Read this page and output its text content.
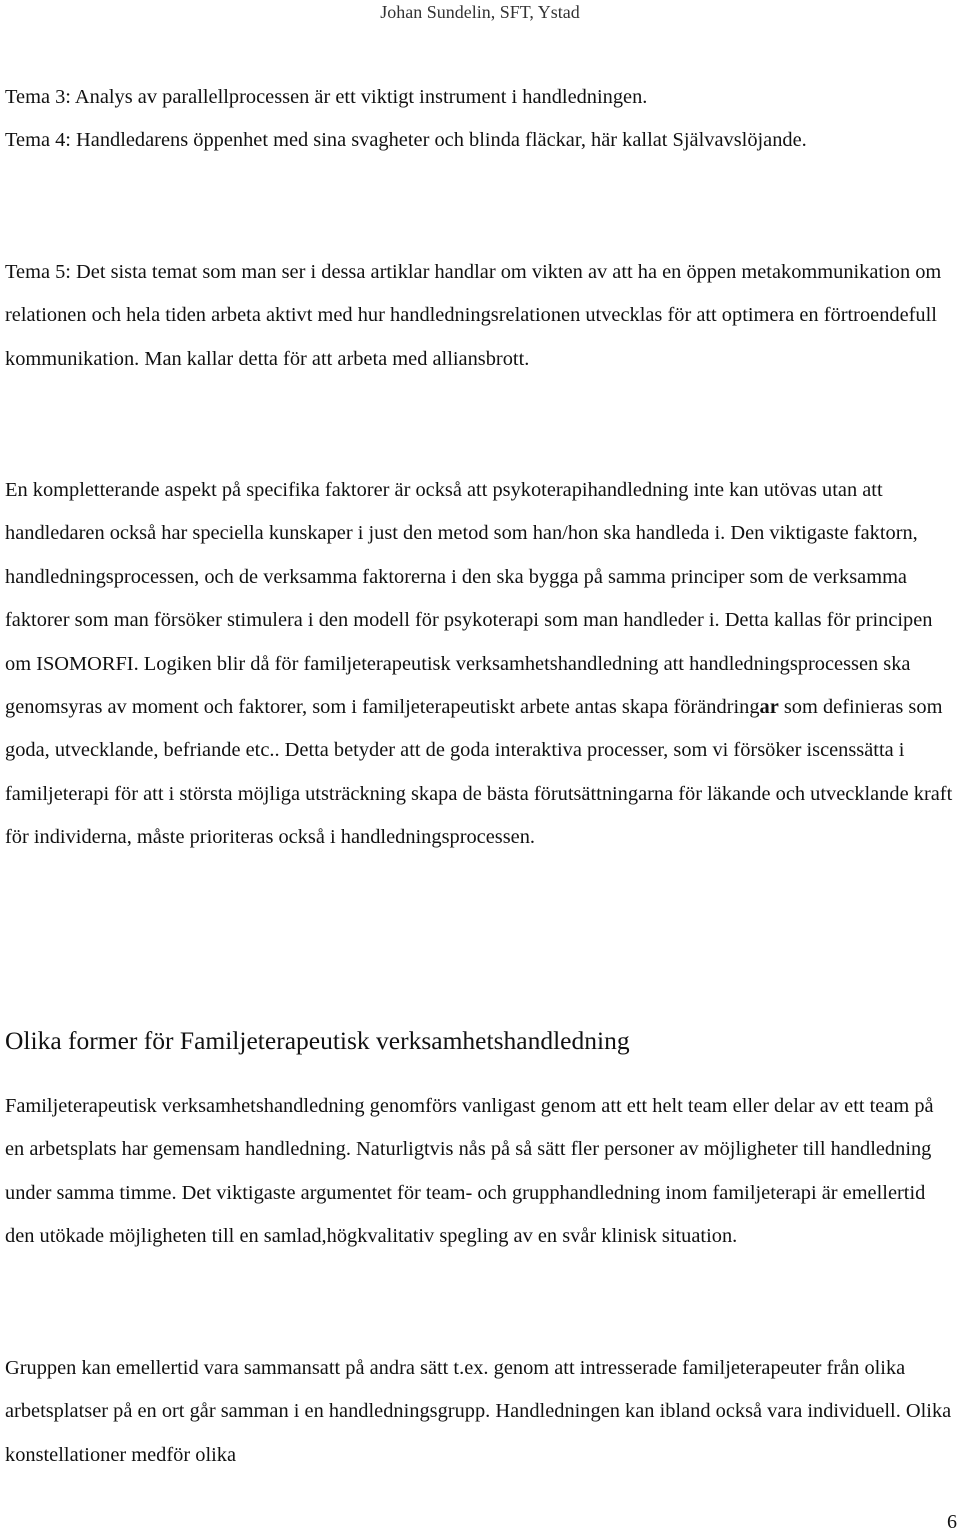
Johan Sundelin, SFT, Ystad

Tema 3: Analys av parallellprocessen är ett viktigt instrument i handledningen.

Tema 4: Handledarens öppenhet med sina svagheter och blinda fläckar, här kallat Självavslöjande.

Tema 5: Det sista temat som man ser i dessa artiklar handlar om vikten av att ha en öppen metakommunikation om relationen och hela tiden arbeta aktivt med hur handledningsrelationen utvecklas för att optimera en förtroendefull kommunikation. Man kallar detta för att arbeta med alliansbrott.

En kompletterande aspekt på specifika faktorer är också att psykoterapihandledning inte kan utövas utan att handledaren också har speciella kunskaper i just den metod som han/hon ska handleda i. Den viktigaste faktorn, handledningsprocessen, och de verksamma faktorerna i den ska bygga på samma principer som de verksamma faktorer som man försöker stimulera i den modell för psykoterapi som man handleder i. Detta kallas för principen om ISOMORFI. Logiken blir då för familjeterapeutisk verksamhetshandledning att handledningsprocessen ska genomsyras av moment och faktorer, som i familjeterapeutiskt arbete antas skapa förändringar som definieras som goda, utvecklande, befriande etc.. Detta betyder att de goda interaktiva processer, som vi försöker iscenssätta i familjeterapi för att i största möjliga utsträckning skapa de bästa förutsättningarna för läkande och utvecklande kraft för individerna, måste prioriteras också i handledningsprocessen.

Olika former för Familjeterapeutisk verksamhetshandledning

Familjeterapeutisk verksamhetshandledning genomförs vanligast genom att ett helt team eller delar av ett team på en arbetsplats har gemensam handledning. Naturligtvis nås på så sätt fler personer av möjligheter till handledning under samma timme. Det viktigaste argumentet för team- och grupphandledning inom familjeterapi är emellertid den utökade möjligheten till en samlad,högkvalitativ spegling av en svår klinisk situation.

Gruppen kan emellertid vara sammansatt på andra sätt t.ex. genom att intresserade familjeterapeuter från olika arbetsplatser på en ort går samman i en handledningsgrupp. Handledningen kan ibland också vara individuell. Olika konstellationer medför olika

6
